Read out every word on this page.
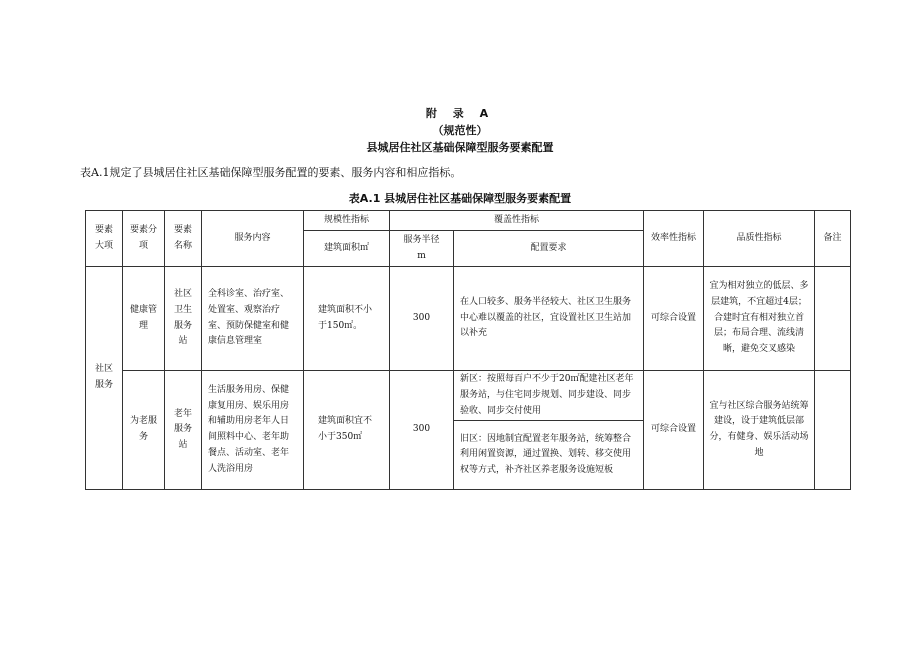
附 录 A
（规范性）
县城居住社区基础保障型服务要素配置
表A.1规定了县城居住社区基础保障型服务配置的要素、服务内容和相应指标。
表A.1 县城居住社区基础保障型服务要素配置
要素大项	要素分项	要素名称	服务内容	规模性指标	覆盖性指标		效率性指标	品质性指标	备注
				建筑面积㎡	服务半径m	配置要求			
社区服务	健康管理	社区卫生服务站	全科诊室、治疗室、处置室、观察治疗室、预防保健室和健康信息管理室	建筑面积不小于150㎡。	300	在人口较多、服务半径较大、社区卫生服务中心难以覆盖的社区，宜设置社区卫生站加以补充	可综合设置	宜为相对独立的低层、多层建筑，不宜超过4层；合建时宜有相对独立首层；布局合理、流线清晰，避免交叉感染	
	为老服务	老年服务站	生活服务用房、保健康复用房、娱乐用房和辅助用房老年人日间照料中心、老年助餐点、活动室、老年人洗浴用房	建筑面积宜不小于350㎡	300	新区：按照每百户不少于20㎡配建社区老年服务站，与住宅同步规划、同步建设、同步验收、同步交付使用	可综合设置	宜与社区综合服务站统筹建设，设于建筑低层部分，有健身、娱乐活动场地	
						旧区：因地制宜配置老年服务站，统筹整合利用闲置资源，通过置换、划转、移交使用权等方式，补齐社区养老服务设施短板			
